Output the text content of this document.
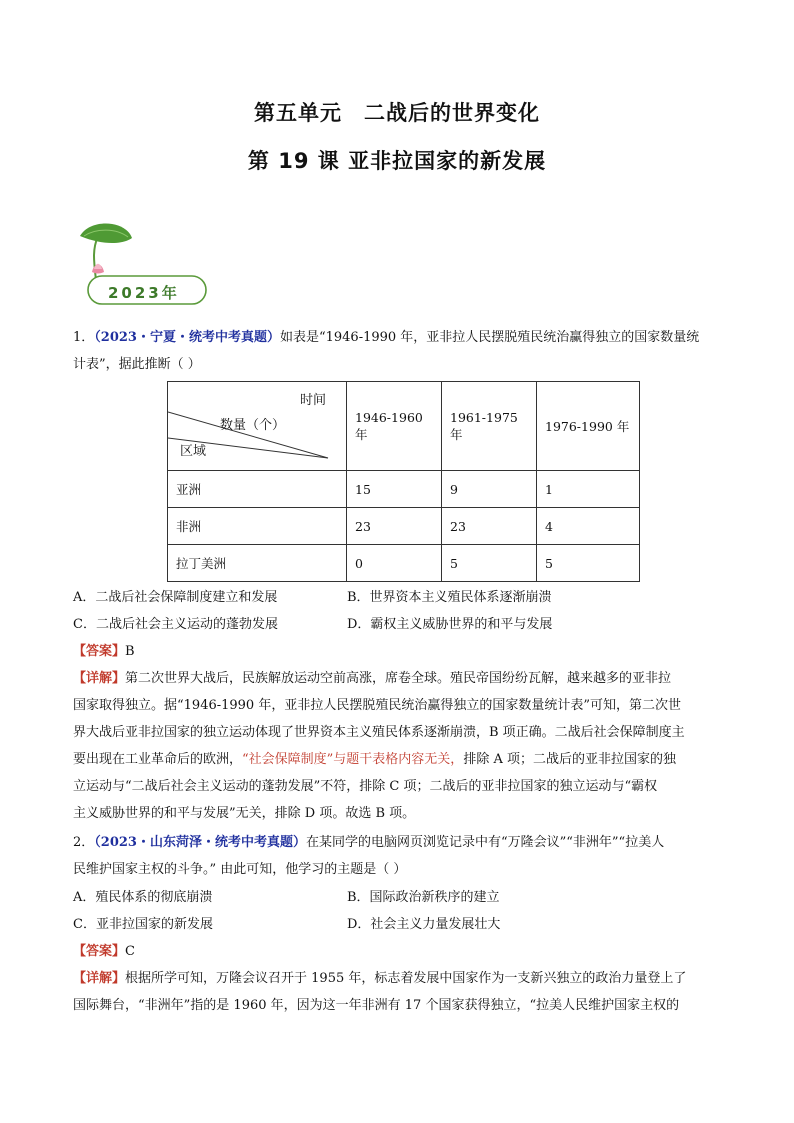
第五单元　二战后的世界变化
第 19 课 亚非拉国家的新发展
2023年
1．（2023・宁夏・统考中考真题）如表是“1946-1990 年，亚非拉人民摆脱殖民统治赢得独立的国家数量统
计表”，据此推断（ ）
时间
数量（个）
区域	1946-1960 年	1961-1975 年	1976-1990 年
亚洲	15	9	1
非洲	23	23	4
拉丁美洲	0	5	5
A．二战后社会保障制度建立和发展	B．世界资本主义殖民体系逐渐崩溃
C．二战后社会主义运动的蓬勃发展	D．霸权主义威胁世界的和平与发展
【答案】B
【详解】第二次世界大战后，民族解放运动空前高涨，席卷全球。殖民帝国纷纷瓦解，越来越多的亚非拉
国家取得独立。据“1946-1990 年，亚非拉人民摆脱殖民统治赢得独立的国家数量统计表”可知，第二次世
界大战后亚非拉国家的独立运动体现了世界资本主义殖民体系逐渐崩溃，B 项正确。二战后社会保障制度主
要出现在工业革命后的欧洲，“社会保障制度”与题干表格内容无关，排除 A 项；二战后的亚非拉国家的独
立运动与“二战后社会主义运动的蓬勃发展”不符，排除 C 项；二战后的亚非拉国家的独立运动与“霸权
主义威胁世界的和平与发展”无关，排除 D 项。故选 B 项。
2．（2023・山东菏泽・统考中考真题）在某同学的电脑网页浏览记录中有“万隆会议”“非洲年”“拉美人
民维护国家主权的斗争。” 由此可知，他学习的主题是（ ）
A．殖民体系的彻底崩溃	B．国际政治新秩序的建立
C．亚非拉国家的新发展	D．社会主义力量发展壮大
【答案】C
【详解】根据所学可知，万隆会议召开于 1955 年，标志着发展中国家作为一支新兴独立的政治力量登上了
国际舞台，“非洲年”指的是 1960 年，因为这一年非洲有 17 个国家获得独立，“拉美人民维护国家主权的
